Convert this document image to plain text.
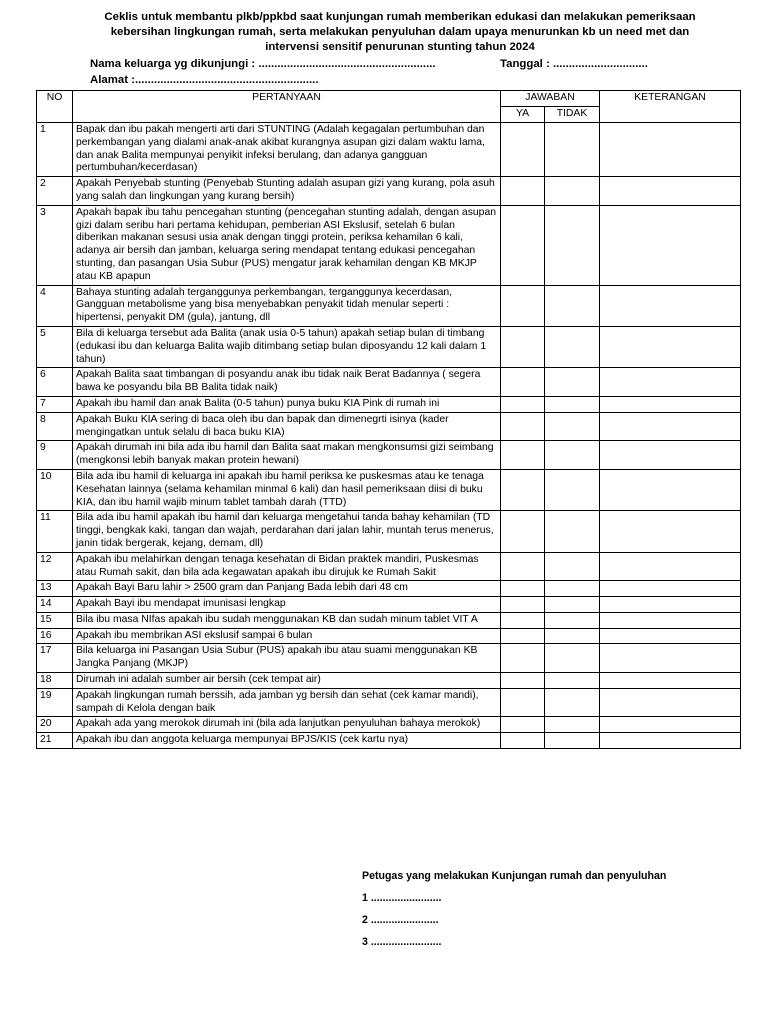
Ceklis untuk membantu plkb/ppkbd saat kunjungan rumah memberikan edukasi dan melakukan pemeriksaan
kebersihan lingkungan rumah, serta melakukan penyuluhan dalam upaya menurunkan kb un need met dan
intervensi sensitif penurunan stunting tahun 2024
Nama keluarga yg dikunjungi : ........................................................	Tanggal : ..............................
Alamat :..........................................................
NO	PERTANYAAN	JAWABAN		KETERANGAN
		YA	TIDAK	
1	Bapak dan ibu pakah mengerti arti dari STUNTING (Adalah kegagalan pertumbuhan dan perkembangan yang dialami anak-anak akibat kurangnya asupan gizi dalam waktu lama, dan anak Balita mempunyai penyikit infeksi berulang, dan adanya gangguan pertumbuhan/kecerdasan)			
2	Apakah Penyebab stunting (Penyebab Stunting adalah asupan gizi yang kurang, pola asuh yang salah dan lingkungan yang kurang bersih)			
3	Apakah bapak ibu tahu pencegahan stunting (pencegahan stunting adalah, dengan asupan gizi dalam seribu hari pertama kehidupan, pemberian ASI Ekslusif, setelah 6 bulan diberikan makanan sesusi usia anak dengan tinggi protein, periksa kehamilan 6 kali, adanya air bersih dan jamban, keluarga sering mendapat tentang edukasi pencegahan stunting, dan pasangan Usia Subur (PUS) mengatur jarak kehamilan dengan KB MKJP atau KB apapun			
4	Bahaya stunting adalah terganggunya perkembangan, terganggunya kecerdasan, Gangguan metabolisme yang bisa menyebabkan penyakit tidah menular seperti : hipertensi, penyakit DM (gula), jantung, dll			
5	Bila di keluarga tersebut ada Balita (anak usia 0-5 tahun) apakah setiap bulan di timbang (edukasi ibu dan keluarga Balita wajib ditimbang setiap bulan diposyandu 12 kali dalam 1 tahun)			
6	Apakah Balita saat timbangan di posyandu anak ibu tidak naik Berat Badannya ( segera bawa ke posyandu bila BB Balita tidak naik)			
7	Apakah ibu hamil dan anak Balita (0-5 tahun) punya buku KIA Pink di rumah ini			
8	Apakah Buku KIA sering di baca oleh ibu dan bapak dan dimenegrti isinya (kader mengingatkan untuk selalu di baca buku KIA)			
9	Apakah dirumah ini bila ada ibu hamil dan Balita saat makan mengkonsumsi gizi seimbang (mengkonsi lebih banyak makan protein hewani)			
10	Bila ada ibu hamil di keluarga ini apakah ibu hamil periksa ke puskesmas atau ke tenaga Kesehatan lainnya (selama kehamilan minmal 6 kali) dan hasil pemeriksaan diisi di buku KIA, dan ibu hamil wajib minum tablet tambah darah (TTD)			
11	Bila ada ibu hamil apakah ibu hamil dan keluarga mengetahui tanda bahay kehamilan (TD tinggi, bengkak kaki, tangan dan wajah, perdarahan dari jalan lahir, muntah terus menerus, janin tidak bergerak, kejang, demam, dll)			
12	Apakah ibu melahirkan dengan tenaga kesehatan di Bidan praktek mandiri, Puskesmas atau Rumah sakit, dan bila ada kegawatan apakah ibu dirujuk ke Rumah Sakit			
13	Apakah Bayi Baru lahir > 2500 gram dan Panjang Bada lebih dari 48 cm			
14	Apakah Bayi ibu mendapat imunisasi lengkap			
15	Bila ibu masa NIfas apakah ibu sudah menggunakan KB dan sudah minum tablet VIT A			
16	Apakah ibu membrikan ASI ekslusif sampai 6 bulan			
17	Bila keluarga ini Pasangan Usia Subur (PUS) apakah ibu atau suami menggunakan KB Jangka Panjang (MKJP)			
18	Dirumah ini adalah sumber air bersih (cek tempat air)			
19	Apakah lingkungan rumah berssih, ada jamban yg bersih dan sehat (cek kamar mandi), sampah di Kelola dengan baik			
20	Apakah ada yang merokok dirumah ini (bila ada lanjutkan penyuluhan bahaya merokok)			
21	Apakah ibu dan anggota keluarga mempunyai BPJS/KIS (cek kartu nya)			
Petugas yang melakukan Kunjungan rumah dan penyuluhan
1 ........................
2 .......................
3 ........................
